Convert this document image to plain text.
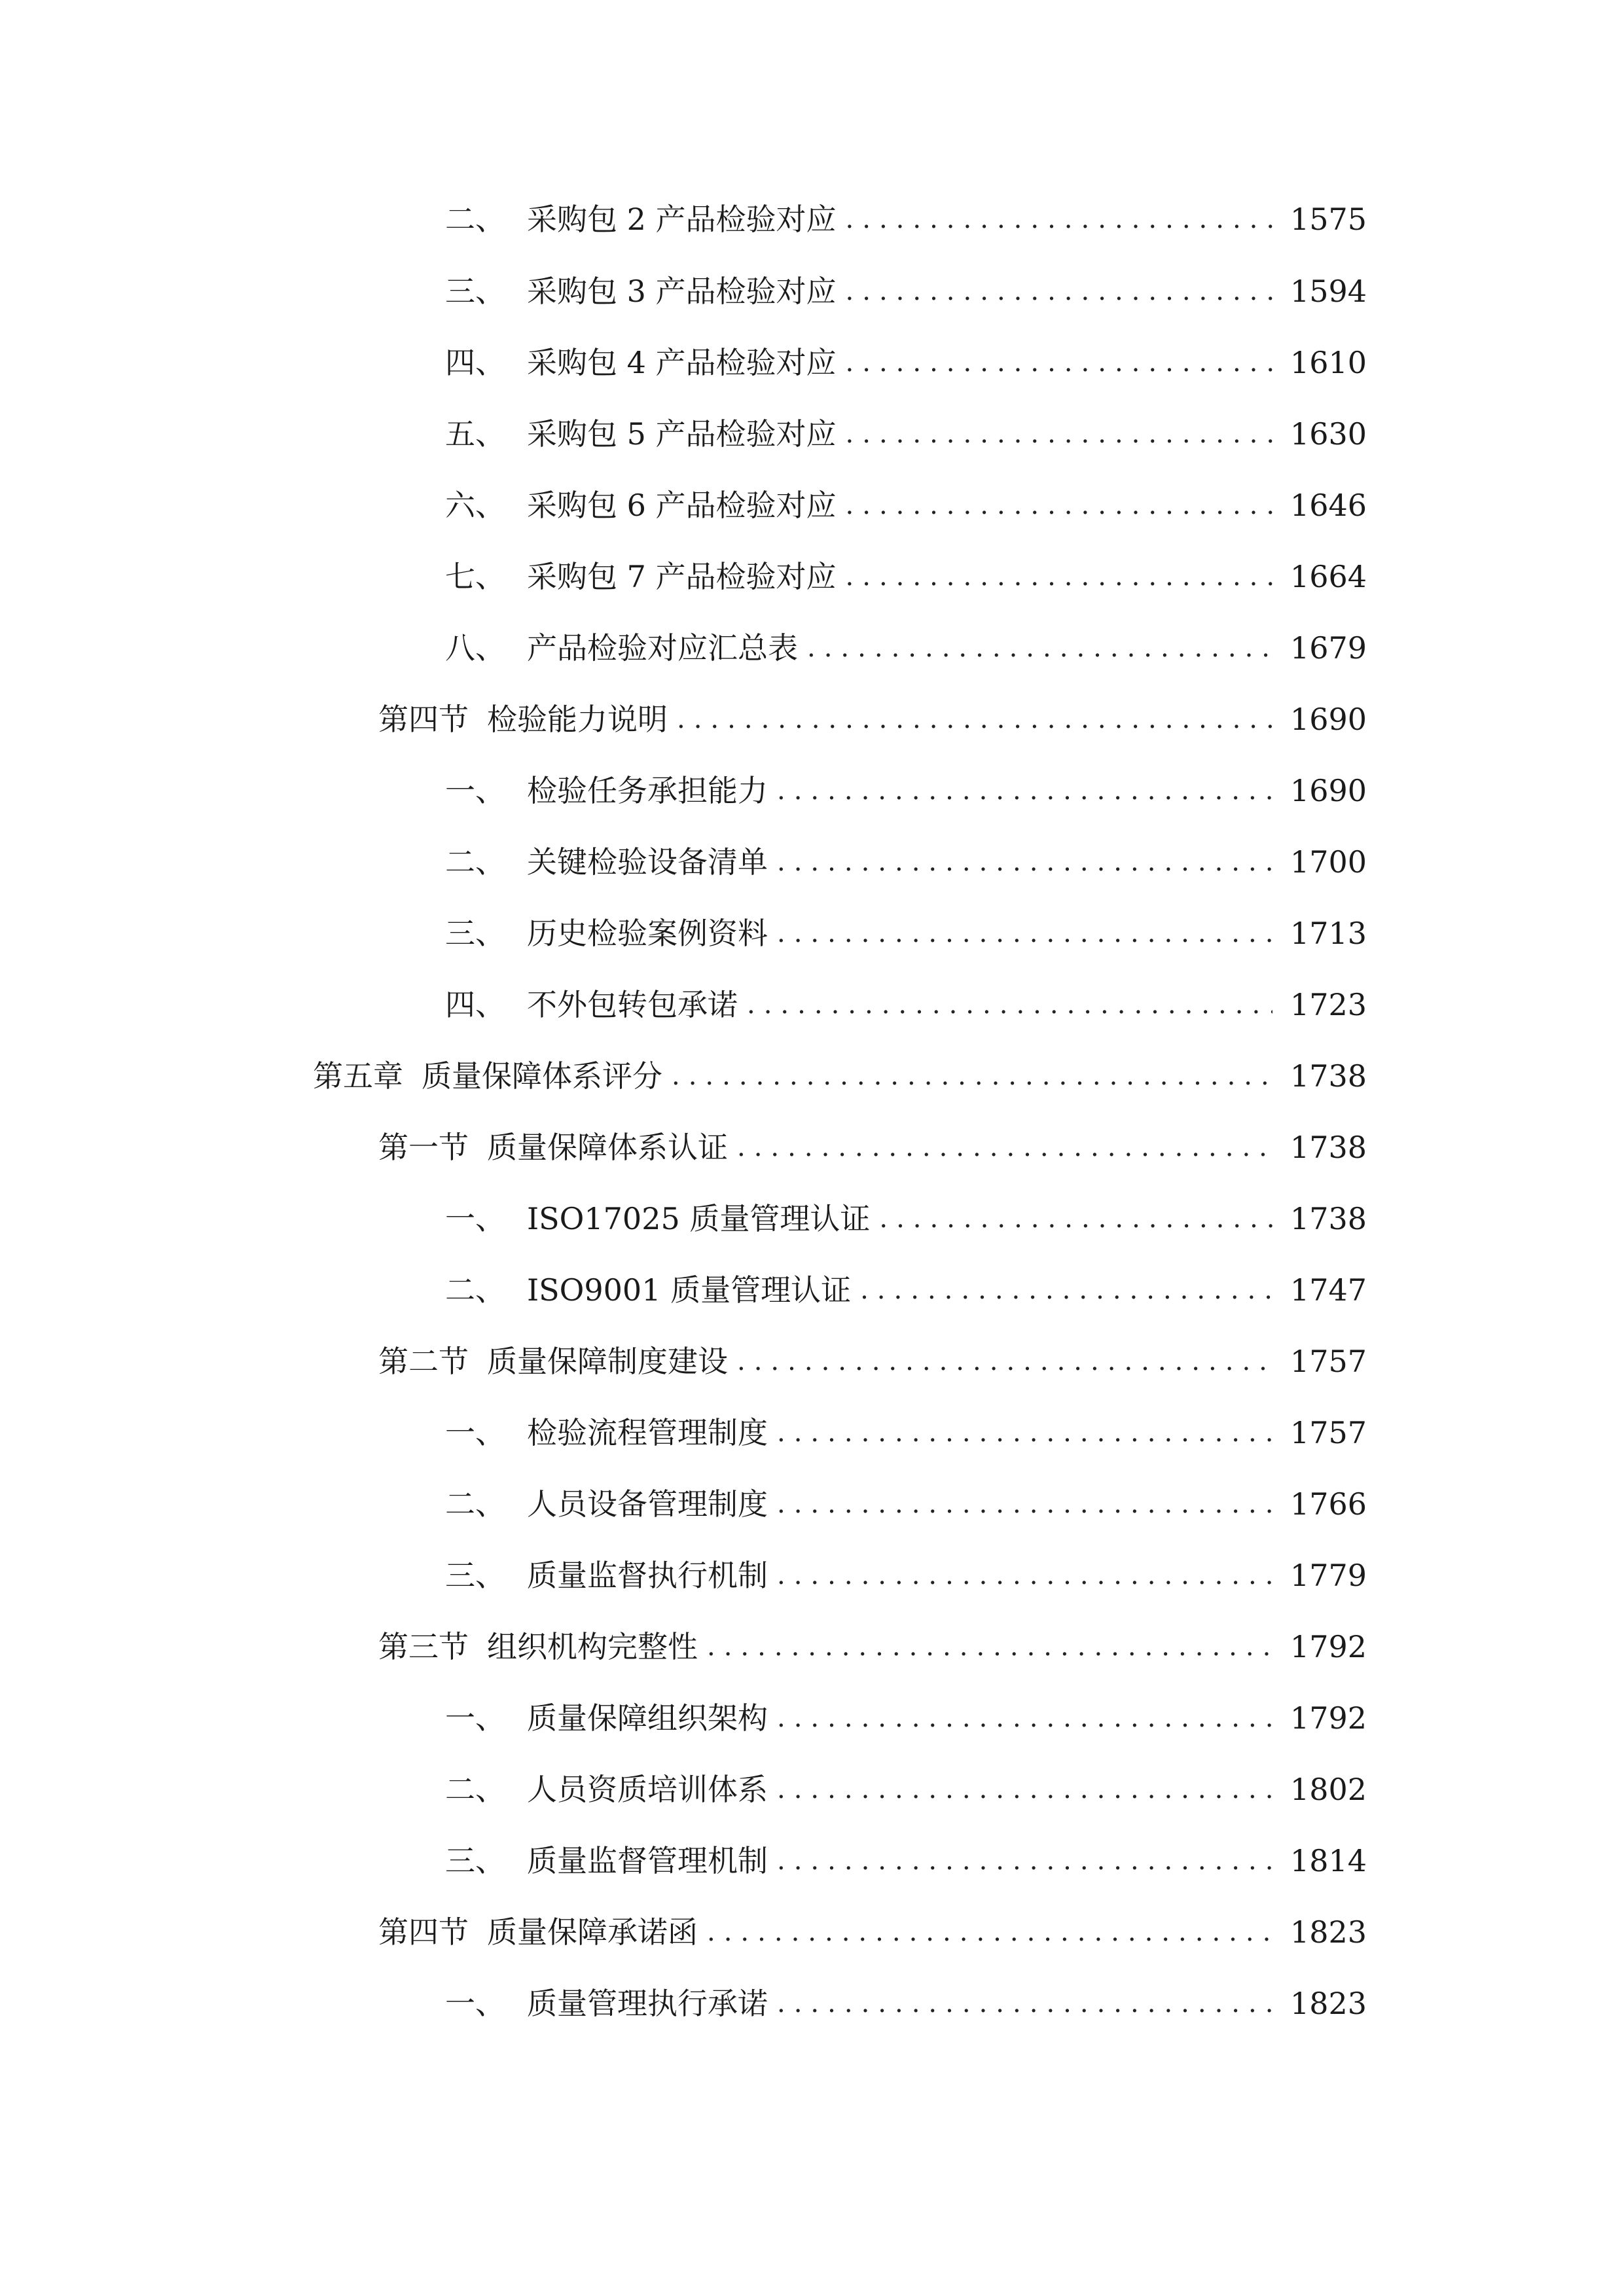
二、 采购包 2 产品检验对应 .....	1575
三、 采购包 3 产品检验对应 .....	1594
四、 采购包 4 产品检验对应 .....	1610
五、 采购包 5 产品检验对应 .....	1630
六、 采购包 6 产品检验对应 .....	1646
七、 采购包 7 产品检验对应 .....	1664
八、 产品检验对应汇总表 .....	1679
第四节 检验能力说明 .....	1690
一、 检验任务承担能力 .....	1690
二、 关键检验设备清单 .....	1700
三、 历史检验案例资料 .....	1713
四、 不外包转包承诺 .....	1723
第五章 质量保障体系评分 .....	1738
第一节 质量保障体系认证 .....	1738
一、 ISO17025 质量管理认证 .....	1738
二、 ISO9001 质量管理认证 .....	1747
第二节 质量保障制度建设 .....	1757
一、 检验流程管理制度 .....	1757
二、 人员设备管理制度 .....	1766
三、 质量监督执行机制 .....	1779
第三节 组织机构完整性 .....	1792
一、 质量保障组织架构 .....	1792
二、 人员资质培训体系 .....	1802
三、 质量监督管理机制 .....	1814
第四节 质量保障承诺函 .....	1823
一、 质量管理执行承诺 .....	1823
